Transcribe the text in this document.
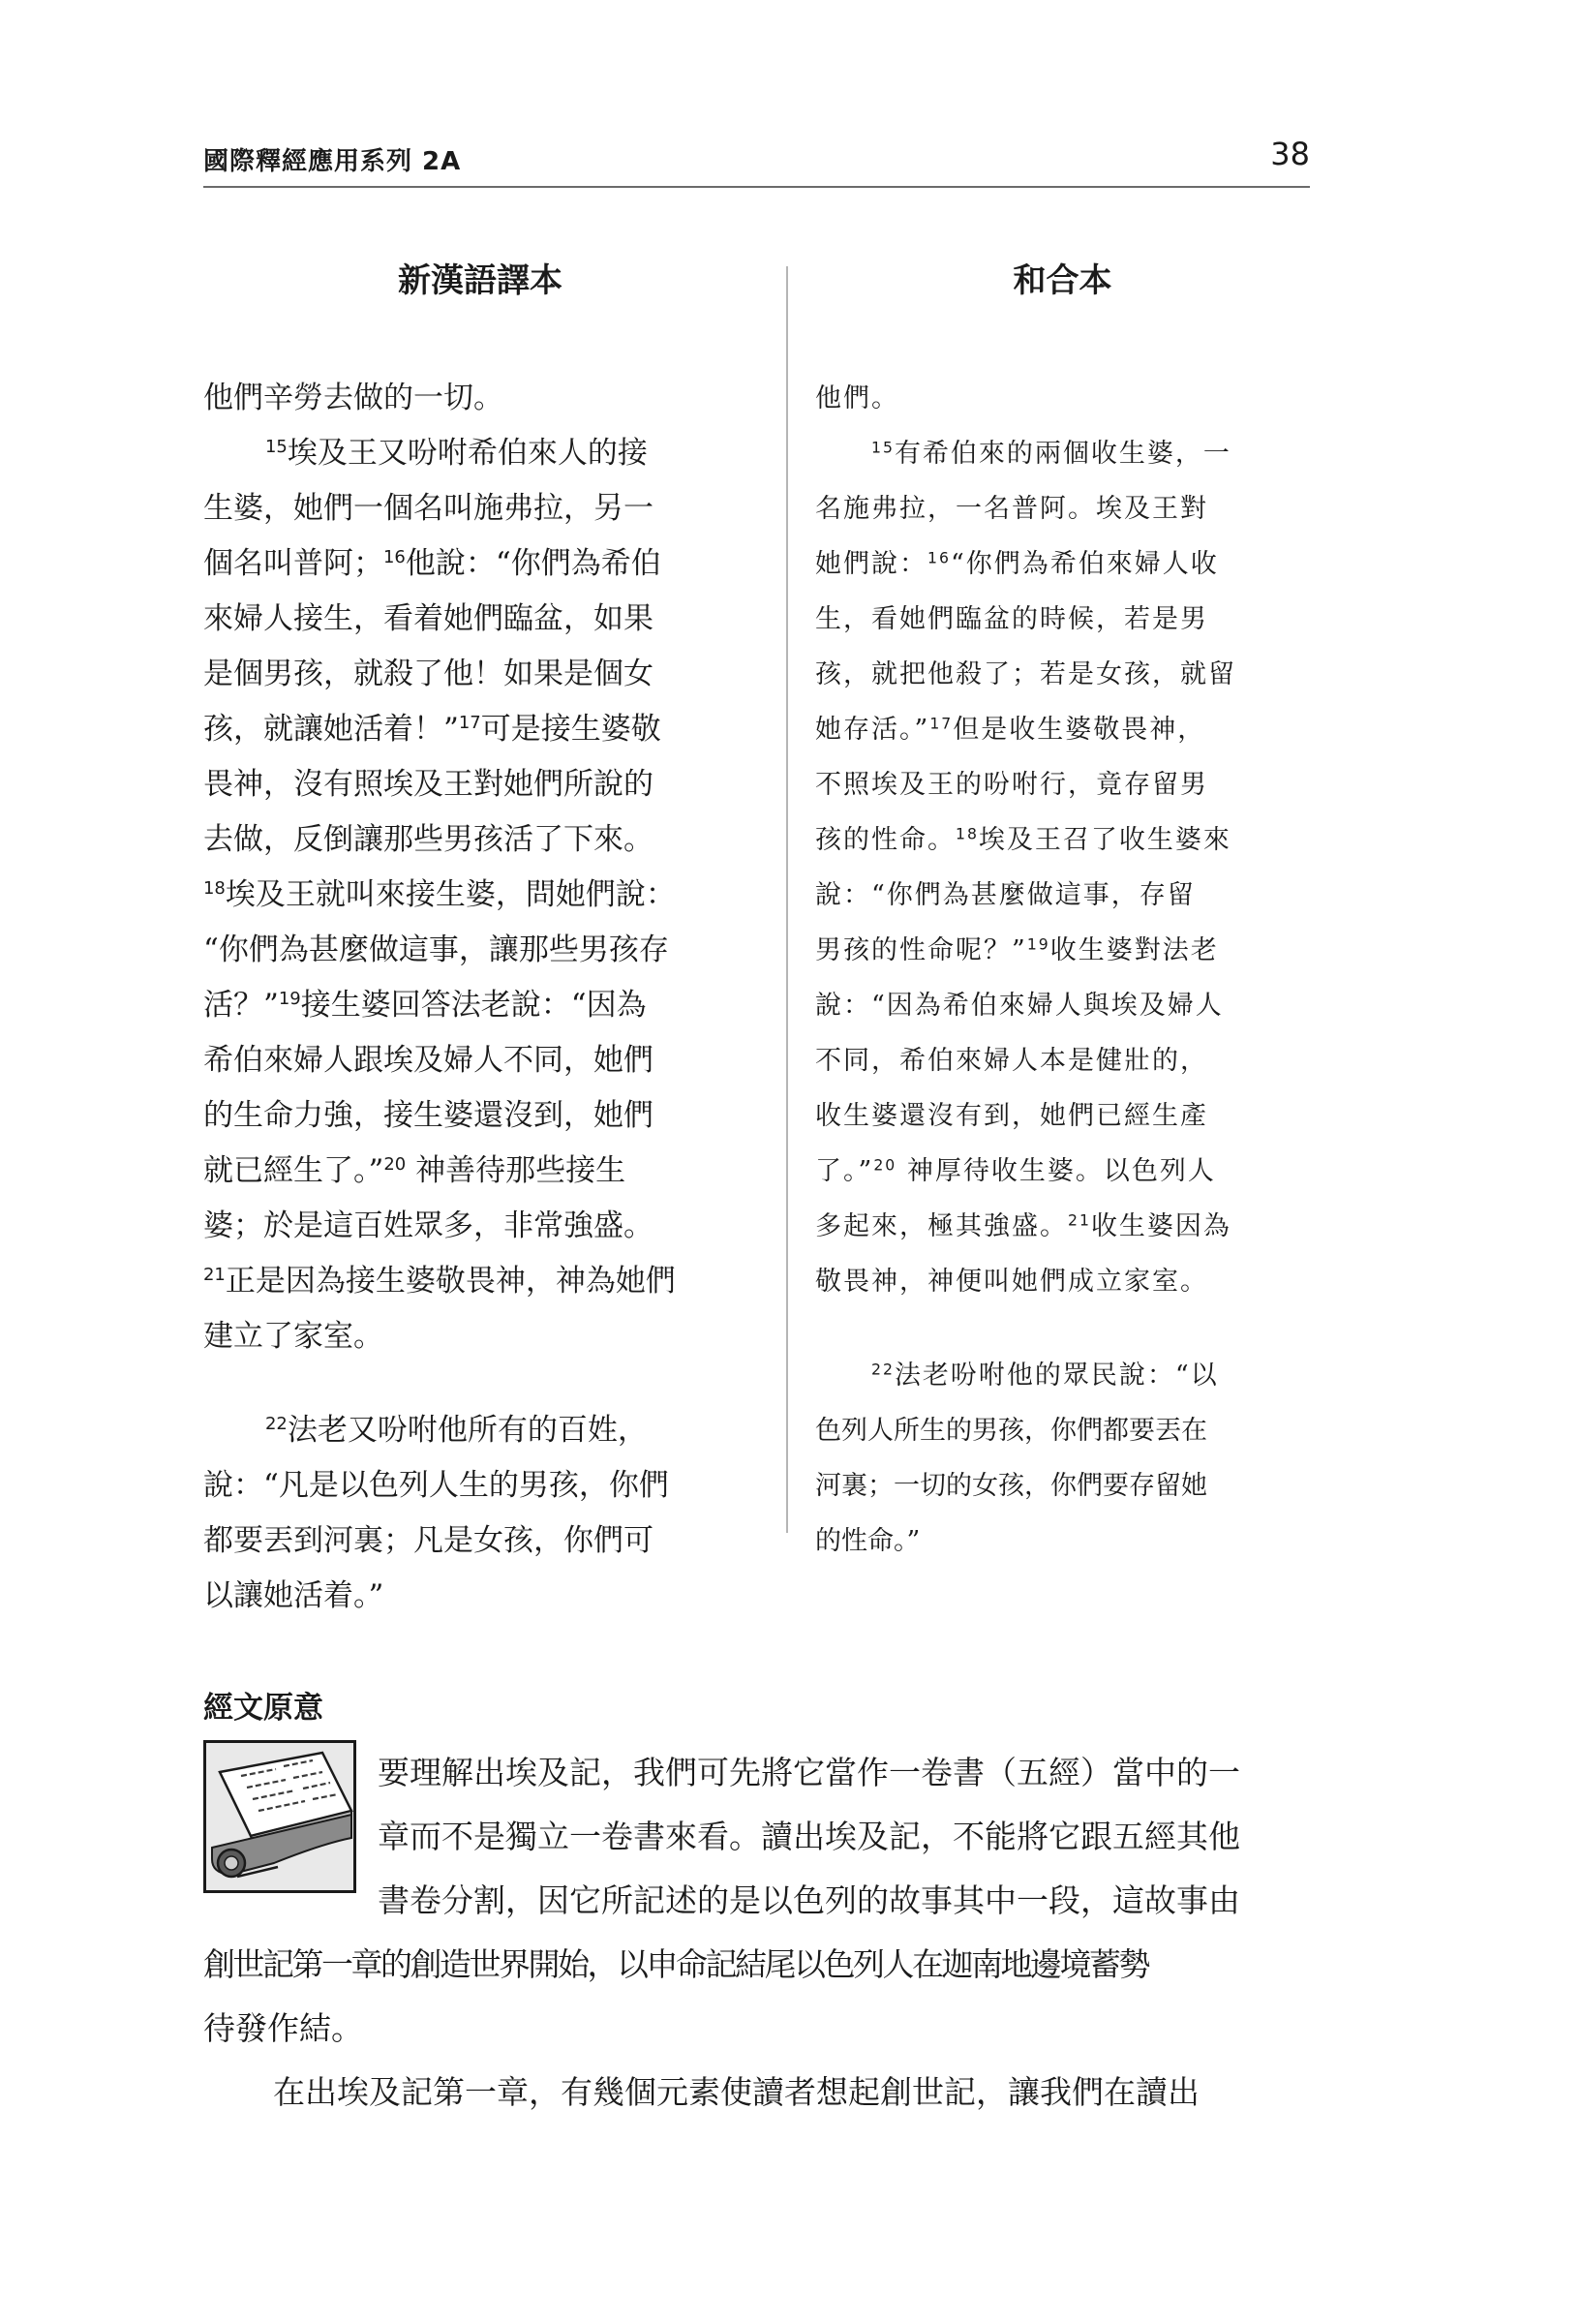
國際釋經應用系列 2A	38
新漢語譯本	和合本
他們辛勞去做的一切。
$^{15}$埃及王又吩咐希伯來人的接
生婆，她們一個名叫施弗拉，另一
個名叫普阿；$^{16}$他說：“你們為希伯
來婦人接生，看着她們臨盆，如果
是個男孩，就殺了他！如果是個女
孩，就讓她活着！”$^{17}$可是接生婆敬
畏神，沒有照埃及王對她們所說的
去做，反倒讓那些男孩活了下來。
$^{18}$埃及王就叫來接生婆，問她們說：
“你們為甚麼做這事，讓那些男孩存
活？”$^{19}$接生婆回答法老說：“因為
希伯來婦人跟埃及婦人不同，她們
的生命力強，接生婆還沒到，她們
就已經生了。”$^{20}$ 神善待那些接生
婆；於是這百姓眾多，非常強盛。
$^{21}$正是因為接生婆敬畏神，神為她們
建立了家室。
$^{22}$法老又吩咐他所有的百姓，
說：“凡是以色列人生的男孩，你們
都要丟到河裏；凡是女孩，你們可
以讓她活着。”
他們。
$^{15}$有希伯來的兩個收生婆，一
名施弗拉，一名普阿。埃及王對
她們說：$^{16}$“你們為希伯來婦人收
生，看她們臨盆的時候，若是男
孩，就把他殺了；若是女孩，就留
她存活。”$^{17}$但是收生婆敬畏神，
不照埃及王的吩咐行，竟存留男
孩的性命。$^{18}$埃及王召了收生婆來
說：“你們為甚麼做這事，存留
男孩的性命呢？”$^{19}$收生婆對法老
說：“因為希伯來婦人與埃及婦人
不同，希伯來婦人本是健壯的，
收生婆還沒有到，她們已經生產
了。”$^{20}$ 神厚待收生婆。以色列人
多起來，極其強盛。$^{21}$收生婆因為
敬畏神，神便叫她們成立家室。
$^{22}$法老吩咐他的眾民說：“以
色列人所生的男孩，你們都要丟在
河裏；一切的女孩，你們要存留她
的性命。”
經文原意
要理解出埃及記，我們可先將它當作一卷書（五經）當中的一
章而不是獨立一卷書來看。讀出埃及記，不能將它跟五經其他
書卷分割，因它所記述的是以色列的故事其中一段，這故事由
創世記第一章的創造世界開始，以申命記結尾以色列人在迦南地邊境蓄勢
待發作結。
在出埃及記第一章，有幾個元素使讀者想起創世記，讓我們在讀出
